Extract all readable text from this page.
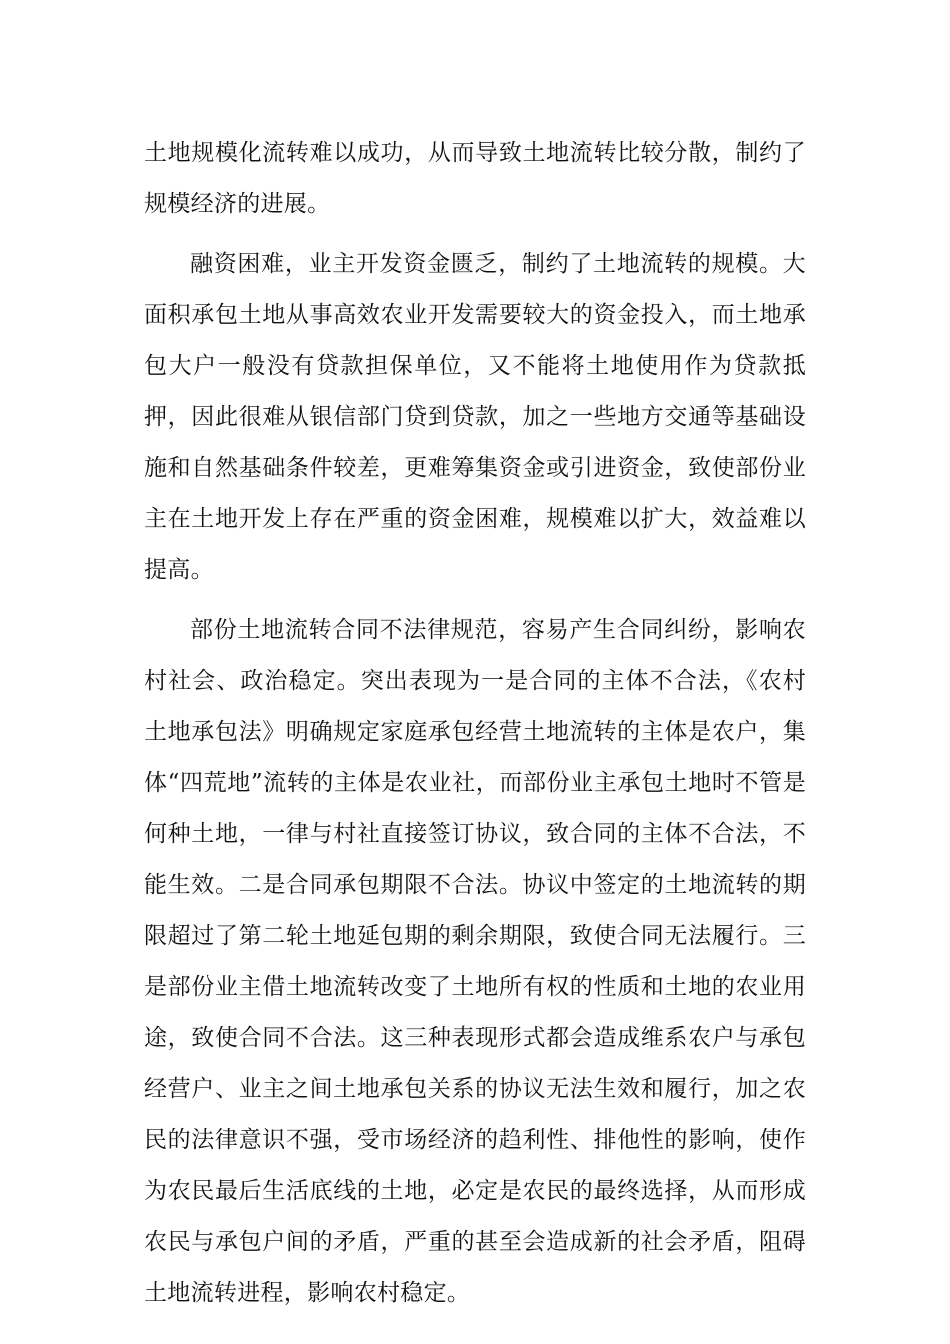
土地规模化流转难以成功，从而导致土地流转比较分散，制约了规模经济的进展。

融资困难，业主开发资金匮乏，制约了土地流转的规模。大面积承包土地从事高效农业开发需要较大的资金投入，而土地承包大户一般没有贷款担保单位，又不能将土地使用作为贷款抵押，因此很难从银信部门贷到贷款，加之一些地方交通等基础设施和自然基础条件较差，更难筹集资金或引进资金，致使部份业主在土地开发上存在严重的资金困难，规模难以扩大，效益难以提高。

部份土地流转合同不法律规范，容易产生合同纠纷，影响农村社会、政治稳定。突出表现为一是合同的主体不合法，《农村土地承包法》明确规定家庭承包经营土地流转的主体是农户，集体“四荒地”流转的主体是农业社，而部份业主承包土地时不管是何种土地，一律与村社直接签订协议，致合同的主体不合法，不能生效。二是合同承包期限不合法。协议中签定的土地流转的期限超过了第二轮土地延包期的剩余期限，致使合同无法履行。三是部份业主借土地流转改变了土地所有权的性质和土地的农业用途，致使合同不合法。这三种表现形式都会造成维系农户与承包经营户、业主之间土地承包关系的协议无法生效和履行，加之农民的法律意识不强，受市场经济的趋利性、排他性的影响，使作为农民最后生活底线的土地，必定是农民的最终选择，从而形成农民与承包户间的矛盾，严重的甚至会造成新的社会矛盾，阻碍土地流转进程，影响农村稳定。
